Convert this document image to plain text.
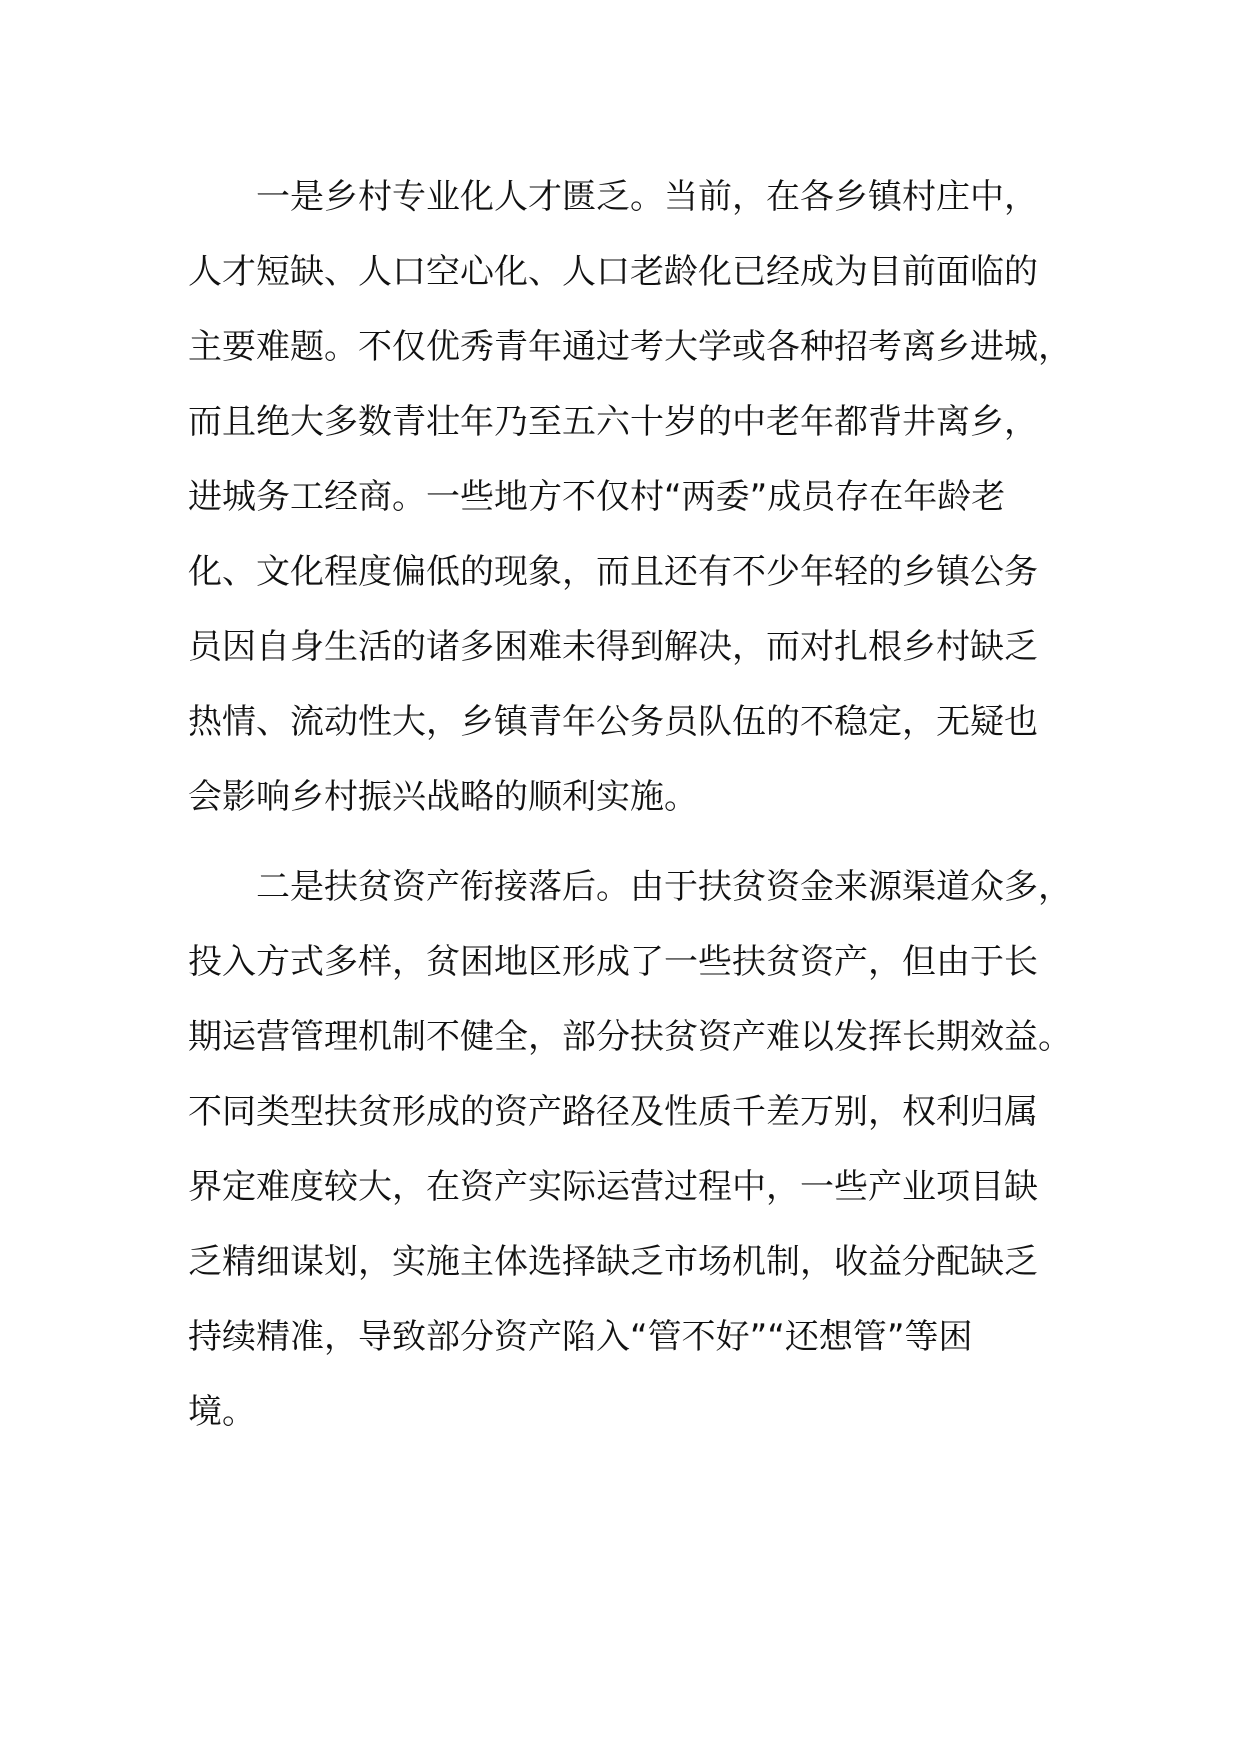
一是乡村专业化人才匮乏。当前，在各乡镇村庄中，
人才短缺、人口空心化、人口老龄化已经成为目前面临的
主要难题。不仅优秀青年通过考大学或各种招考离乡进城，
而且绝大多数青壮年乃至五六十岁的中老年都背井离乡，
进城务工经商。一些地方不仅村“两委”成员存在年龄老
化、文化程度偏低的现象，而且还有不少年轻的乡镇公务
员因自身生活的诸多困难未得到解决，而对扎根乡村缺乏
热情、流动性大，乡镇青年公务员队伍的不稳定，无疑也
会影响乡村振兴战略的顺利实施。
二是扶贫资产衔接落后。由于扶贫资金来源渠道众多，
投入方式多样，贫困地区形成了一些扶贫资产，但由于长
期运营管理机制不健全，部分扶贫资产难以发挥长期效益。
不同类型扶贫形成的资产路径及性质千差万别，权利归属
界定难度较大，在资产实际运营过程中，一些产业项目缺
乏精细谋划，实施主体选择缺乏市场机制，收益分配缺乏
持续精准，导致部分资产陷入“管不好”“还想管”等困
境。
